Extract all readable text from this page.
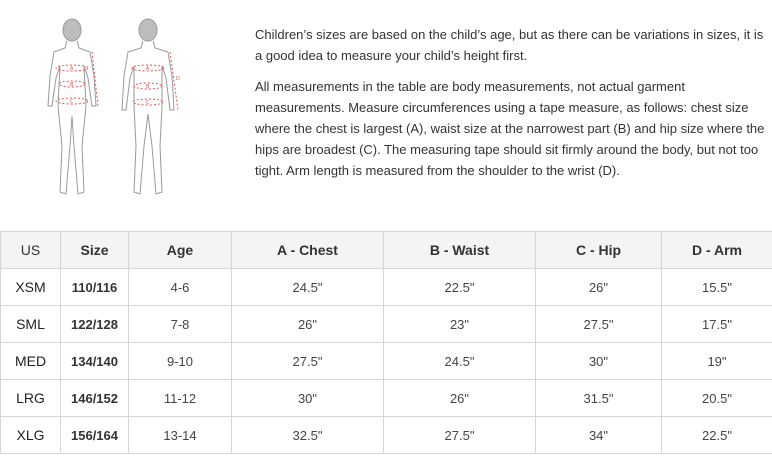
A
B
C
A
B
C
D

Children’s sizes are based on the child’s age, but as there can be variations in sizes, it is a good idea to measure your child’s height first.

All measurements in the table are body measurements, not actual garment measurements. Measure circumferences using a tape measure, as follows: chest size where the chest is largest (A), waist size at the narrowest part (B) and hip size where the hips are broadest (C). The measuring tape should sit firmly around the body, but not too tight. Arm length is measured from the shoulder to the wrist (D).

US	Size	Age	A - Chest	B - Waist	C - Hip	D - Arm
XSM	110/116	4-6	24.5"	22.5"	26"	15.5"
SML	122/128	7-8	26"	23"	27.5"	17.5"
MED	134/140	9-10	27.5"	24.5"	30"	19"
LRG	146/152	11-12	30"	26"	31.5"	20.5"
XLG	156/164	13-14	32.5"	27.5"	34"	22.5"
